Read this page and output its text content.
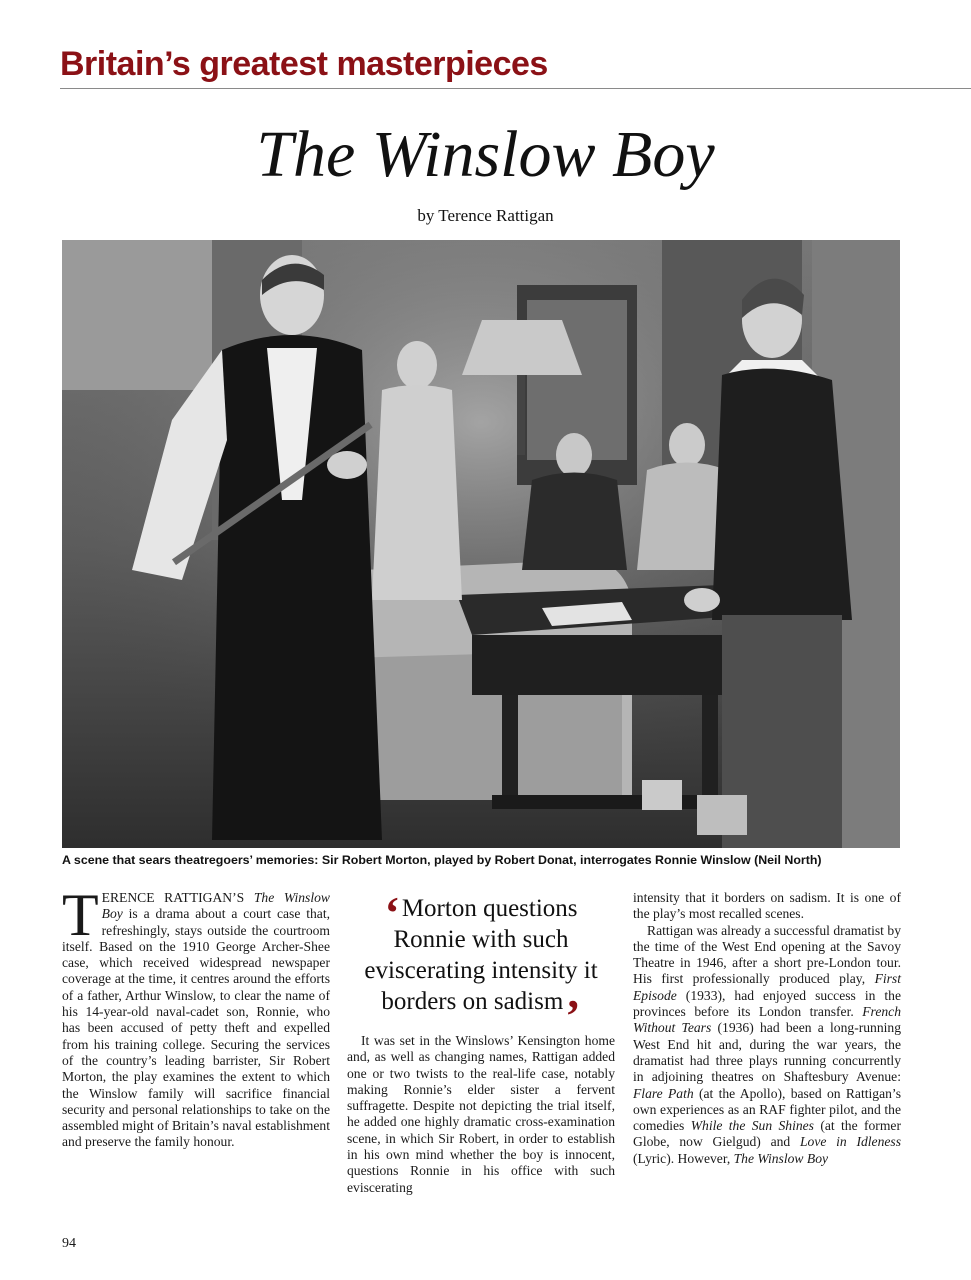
Britain’s greatest masterpieces
The Winslow Boy
by Terence Rattigan
A scene that sears theatregoers’ memories: Sir Robert Morton, played by Robert Donat, interrogates Ronnie Winslow (Neil North)

TERENCE RATTIGAN’S The Winslow Boy is a drama about a court case that, refreshingly, stays outside the courtroom itself. Based on the 1910 George Archer-Shee case, which received widespread newspaper coverage at the time, it centres around the efforts of a father, Arthur Winslow, to clear the name of his 14-year-old naval-cadet son, Ronnie, who has been accused of petty theft and expelled from his training college. Securing the services of the country’s leading barrister, Sir Robert Morton, the play examines the extent to which the Winslow family will sacrifice financial security and personal relationships to take on the assembled might of Britain’s naval establishment and preserve the family honour.

‘Morton questions Ronnie with such eviscerating intensity it borders on sadism’

It was set in the Winslows’ Kensington home and, as well as changing names, Rattigan added one or two twists to the real-life case, notably making Ronnie’s elder sister a fervent suffragette. Despite not depicting the trial itself, he added one highly dramatic cross-examination scene, in which Sir Robert, in order to establish in his own mind whether the boy is innocent, questions Ronnie in his office with such eviscerating

intensity that it borders on sadism. It is one of the play’s most recalled scenes.

Rattigan was already a successful dramatist by the time of the West End opening at the Savoy Theatre in 1946, after a short pre-London tour. His first professionally produced play, First Episode (1933), had enjoyed success in the provinces before its London transfer. French Without Tears (1936) had been a long-running West End hit and, during the war years, the dramatist had three plays running concurrently in adjoining theatres on Shaftesbury Avenue: Flare Path (at the Apollo), based on Rattigan’s own experiences as an RAF fighter pilot, and the comedies While the Sun Shines (at the former Globe, now Gielgud) and Love in Idleness (Lyric). However, The Winslow Boy

94
